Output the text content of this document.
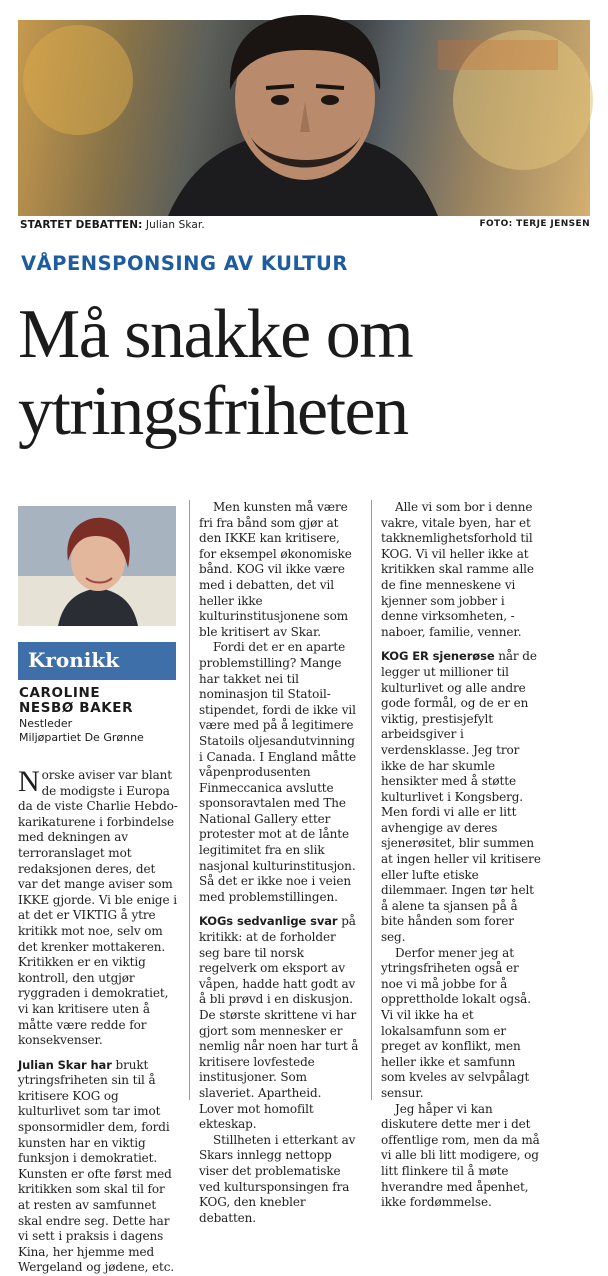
STARTET DEBATTEN: Julian Skar.	FOTO: TERJE JENSEN
VÅPENSPONSING AV KULTUR
Må snakke om
ytringsfriheten
Kronikk
CAROLINE
NESBØ BAKER
Nestleder
Miljøpartiet De Grønne

Norske aviser var blant de modigste i Europa da de viste Charlie Hebdo-karikaturene i forbindelse med dekningen av terroranslaget mot redaksjonen deres, det var det mange aviser som IKKE gjorde. Vi ble enige i at det er VIKTIG å ytre kritikk mot noe, selv om det krenker mottakeren. Kritikken er en viktig kontroll, den utgjør ryggraden i demokratiet, vi kan kritisere uten å måtte være redde for konsekvenser.

Julian Skar har brukt ytringsfriheten sin til å kritisere KOG og kulturlivet som tar imot sponsormidler dem, fordi kunsten har en viktig funksjon i demokratiet. Kunsten er ofte først med kritikken som skal til for at resten av samfunnet skal endre seg. Dette har vi sett i praksis i dagens Kina, her hjemme med Wergeland og jødene, etc.

Men kunsten må være fri fra bånd som gjør at den IKKE kan kritisere, for eksempel økonomiske bånd. KOG vil ikke være med i debatten, det vil heller ikke kulturinstitusjonene som ble kritisert av Skar.

Fordi det er en aparte problemstilling? Mange har takket nei til nominasjon til Statoil-stipendet, fordi de ikke vil være med på å legitimere Statoils oljesandutvinning i Canada. I England måtte våpenprodusenten Finmeccanica avslutte sponsoravtalen med The National Gallery etter protester mot at de lånte legitimitet fra en slik nasjonal kulturinstitusjon. Så det er ikke noe i veien med problemstillingen.

KOGs sedvanlige svar på kritikk: at de forholder seg bare til norsk regelverk om eksport av våpen, hadde hatt godt av å bli prøvd i en diskusjon. De største skrittene vi har gjort som mennesker er nemlig når noen har turt å kritisere lovfestede institusjoner. Som slaveriet. Apartheid. Lover mot homofilt ekteskap.

Stillheten i etterkant av Skars innlegg nettopp viser det problematiske ved kultursponsingen fra KOG, den knebler debatten.

Alle vi som bor i denne vakre, vitale byen, har et takknemlighetsforhold til KOG. Vi vil heller ikke at kritikken skal ramme alle de fine menneskene vi kjenner som jobber i denne virksomheten, -naboer, familie, venner.

KOG ER sjenerøse når de legger ut millioner til kulturlivet og alle andre gode formål, og de er en viktig, prestisjefylt arbeidsgiver i verdensklasse. Jeg tror ikke de har skumle hensikter med å støtte kulturlivet i Kongsberg. Men fordi vi alle er litt avhengige av deres sjenerøsitet, blir summen at ingen heller vil kritisere eller lufte etiske dilemmaer. Ingen tør helt å alene ta sjansen på å bite hånden som forer seg.

Derfor mener jeg at ytringsfriheten også er noe vi må jobbe for å opprettholde lokalt også. Vi vil ikke ha et lokalsamfunn som er preget av konflikt, men heller ikke et samfunn som kveles av selvpålagt sensur.

Jeg håper vi kan diskutere dette mer i det offentlige rom, men da må vi alle bli litt modigere, og litt flinkere til å møte hverandre med åpenhet, ikke fordømmelse.
